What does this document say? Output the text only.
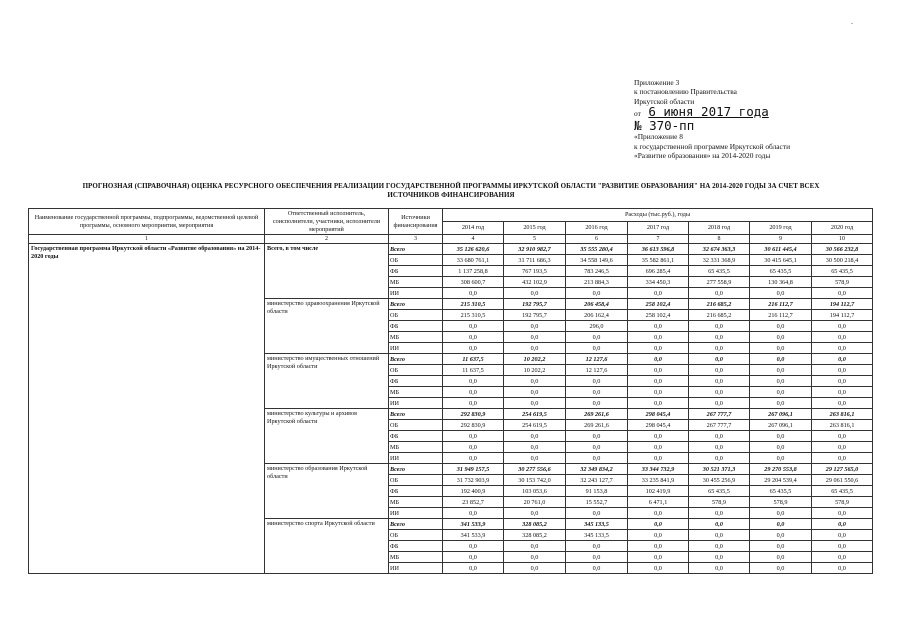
-
Приложение 3
к постановлению Правительства
Иркутской области
от 6 июня 2017 года
№ 370-пп
«Приложение 8
к государственной программе Иркутской области
«Развитие образования» на 2014-2020 годы
ПРОГНОЗНАЯ (СПРАВОЧНАЯ) ОЦЕНКА РЕСУРСНОГО ОБЕСПЕЧЕНИЯ РЕАЛИЗАЦИИ ГОСУДАРСТВЕННОЙ ПРОГРАММЫ ИРКУТСКОЙ ОБЛАСТИ "РАЗВИТИЕ ОБРАЗОВАНИЯ" НА 2014-2020 ГОДЫ ЗА СЧЕТ ВСЕХ
ИСТОЧНИКОВ ФИНАНСИРОВАНИЯ
Наименование государственной программы, подпрограммы, ведомственной целевой программы, основного мероприятия, мероприятия	Ответственный исполнитель, соисполнители, участники, исполнители мероприятий	Источники финансирования	Расходы (тыс.руб.), годы						
			2014 год	2015 год	2016 год	2017 год	2018 год	2019 год	2020 год
1	2	3	4	5	6	7	8	9	10
Государственная программа Иркутской области «Развитие образования» на 2014-2020 годы	Всего, в том числе	Всего	35 126 620,6	32 910 982,7	35 555 280,4	36 613 596,8	32 674 363,3	30 611 445,4	30 566 232,8
		ОБ	33 680 761,1	31 711 686,3	34 558 149,6	35 582 861,1	32 331 368,9	30 415 645,1	30 500 218,4
		ФБ	1 137 258,8	767 193,5	783 246,5	696 285,4	65 435,5	65 435,5	65 435,5
		МБ	308 600,7	432 102,9	213 884,3	334 450,3	277 558,9	130 364,8	578,9
		ИИ	0,0	0,0	0,0	0,0	0,0	0,0	0,0
	министерство здравоохранения Иркутской области	Всего	215 310,5	192 795,7	206 458,4	258 102,4	216 685,2	216 112,7	194 112,7
		ОБ	215 310,5	192 795,7	206 162,4	258 102,4	216 685,2	216 112,7	194 112,7
		ФБ	0,0	0,0	296,0	0,0	0,0	0,0	0,0
		МБ	0,0	0,0	0,0	0,0	0,0	0,0	0,0
		ИИ	0,0	0,0	0,0	0,0	0,0	0,0	0,0
	министерство имущественных отношений Иркутской области	Всего	11 637,5	10 202,2	12 127,6	0,0	0,0	0,0	0,0
		ОБ	11 637,5	10 202,2	12 127,6	0,0	0,0	0,0	0,0
		ФБ	0,0	0,0	0,0	0,0	0,0	0,0	0,0
		МБ	0,0	0,0	0,0	0,0	0,0	0,0	0,0
		ИИ	0,0	0,0	0,0	0,0	0,0	0,0	0,0
	министерство культуры и архивов Иркутской области	Всего	292 830,9	254 619,5	269 261,6	298 045,4	267 777,7	267 096,1	263 816,1
		ОБ	292 830,9	254 619,5	269 261,6	298 045,4	267 777,7	267 096,1	263 816,1
		ФБ	0,0	0,0	0,0	0,0	0,0	0,0	0,0
		МБ	0,0	0,0	0,0	0,0	0,0	0,0	0,0
		ИИ	0,0	0,0	0,0	0,0	0,0	0,0	0,0
	министерство образования Иркутской области	Всего	31 949 157,5	30 277 556,6	32 349 834,2	33 344 732,9	30 521 371,3	29 270 553,8	29 127 565,0
		ОБ	31 732 903,9	30 153 742,0	32 243 127,7	33 235 841,9	30 455 256,9	29 204 539,4	29 061 550,6
		ФБ	192 400,9	103 053,6	91 153,8	102 419,9	65 435,5	65 435,5	65 435,5
		МБ	23 852,7	20 761,0	15 552,7	6 471,1	578,9	578,9	578,9
		ИИ	0,0	0,0	0,0	0,0	0,0	0,0	0,0
	министерство спорта Иркутской области	Всего	341 533,9	328 085,2	345 133,5	0,0	0,0	0,0	0,0
		ОБ	341 533,9	328 085,2	345 133,5	0,0	0,0	0,0	0,0
		ФБ	0,0	0,0	0,0	0,0	0,0	0,0	0,0
		МБ	0,0	0,0	0,0	0,0	0,0	0,0	0,0
		ИИ	0,0	0,0	0,0	0,0	0,0	0,0	0,0
